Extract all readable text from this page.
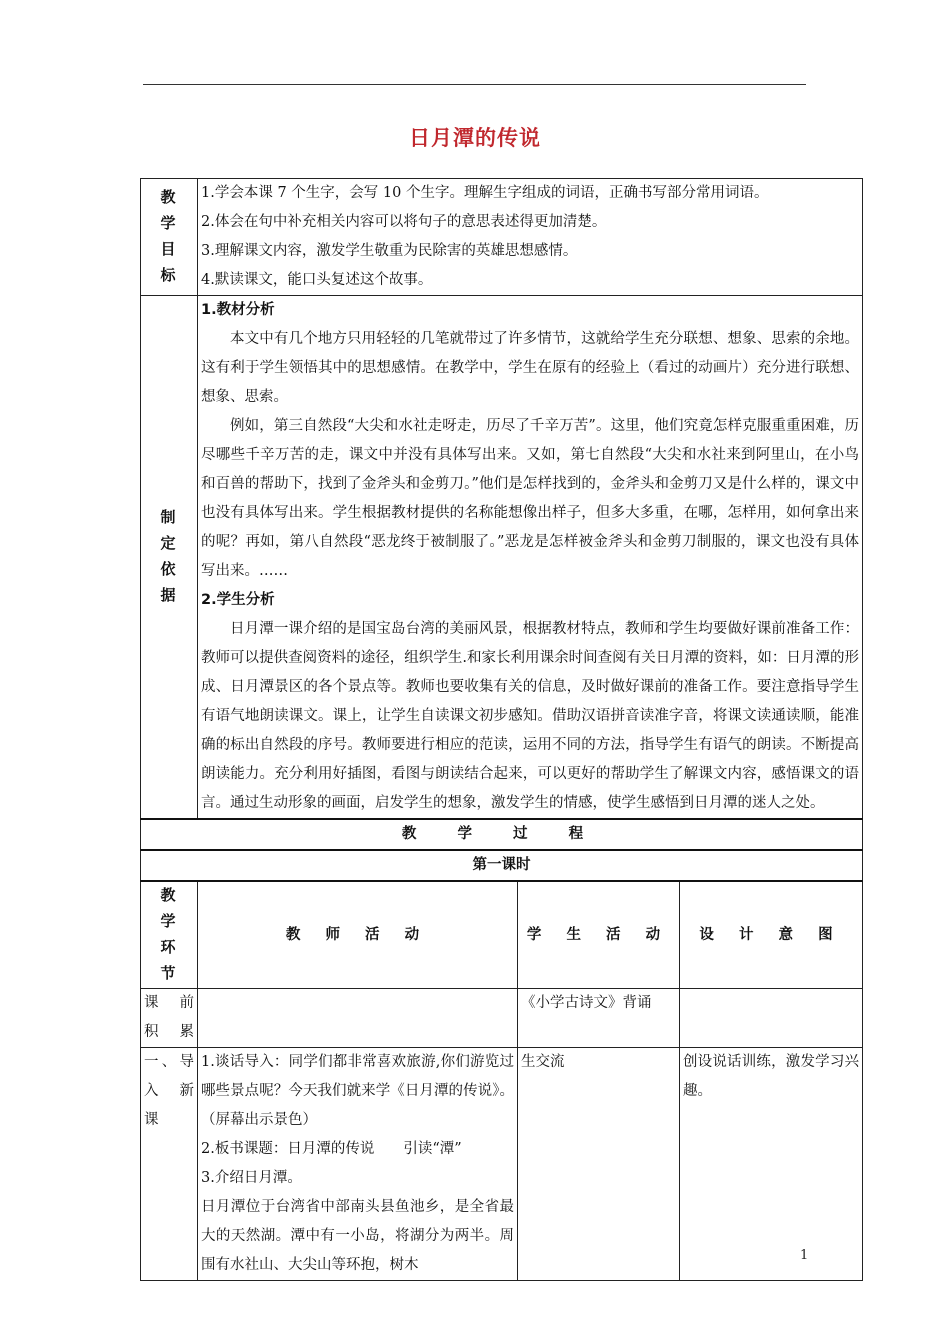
日月潭的传说
教 学 目 标	1.学会本课 7 个生字，会写 10 个生字。理解生字组成的词语，正确书写部分常用词语。
2.体会在句中补充相关内容可以将句子的意思表述得更加清楚。
3.理解课文内容，激发学生敬重为民除害的英雄思想感情。
4.默读课文，能口头复述这个故事。		

制 定 依 据	1.教材分析
本文中有几个地方只用轻轻的几笔就带过了许多情节，这就给学生充分联想、想象、思索的余地。这有利于学生领悟其中的思想感情。在教学中，学生在原有的经验上（看过的动画片）充分进行联想、想象、思索。
例如，第三自然段“大尖和水社走呀走，历尽了千辛万苦”。这里，他们究竟怎样克服重重困难，历尽哪些千辛万苦的走，课文中并没有具体写出来。又如，第七自然段“大尖和水社来到阿里山，在小鸟和百兽的帮助下，找到了金斧头和金剪刀。”他们是怎样找到的，金斧头和金剪刀又是什么样的，课文中也没有具体写出来。学生根据教材提供的名称能想像出样子，但多大多重，在哪，怎样用，如何拿出来的呢？再如，第八自然段“恶龙终于被制服了。”恶龙是怎样被金斧头和金剪刀制服的，课文也没有具体写出来。……
2.学生分析
日月潭一课介绍的是国宝岛台湾的美丽风景，根据教材特点，教师和学生均要做好课前准备工作：教师可以提供查阅资料的途径，组织学生.和家长利用课余时间查阅有关日月潭的资料，如：日月潭的形成、日月潭景区的各个景点等。教师也要收集有关的信息，及时做好课前的准备工作。要注意指导学生有语气地朗读课文。课上，让学生自读课文初步感知。借助汉语拼音读准字音，将课文读通读顺，能准确的标出自然段的序号。教师要进行相应的范读，运用不同的方法，指导学生有语气的朗读。不断提高朗读能力。充分利用好插图，看图与朗读结合起来，可以更好的帮助学生了解课文内容，感悟课文的语言。通过生动形象的画面，启发学生的想象，激发学生的情感，使学生感悟到日月潭的迷人之处。		

教 学 过 程			
第一课时			
教 学 环 节	教 师 活 动	学 生 活 动	设 计 意 图
课 前 积累		《小学古诗文》背诵	
一、导 入 新 课	1.谈话导入：同学们都非常喜欢旅游,你们游览过哪些景点呢？今天我们就来学《日月潭的传说》。（屏幕出示景色）
2.板书课题：日月潭的传说　　引读“潭”
3.介绍日月潭。
日月潭位于台湾省中部南头县鱼池乡，是全省最大的天然湖。潭中有一小岛，将湖分为两半。周围有水社山、大尖山等环抱，树木	生交流	创设说话训练，激发学习兴趣。
1
